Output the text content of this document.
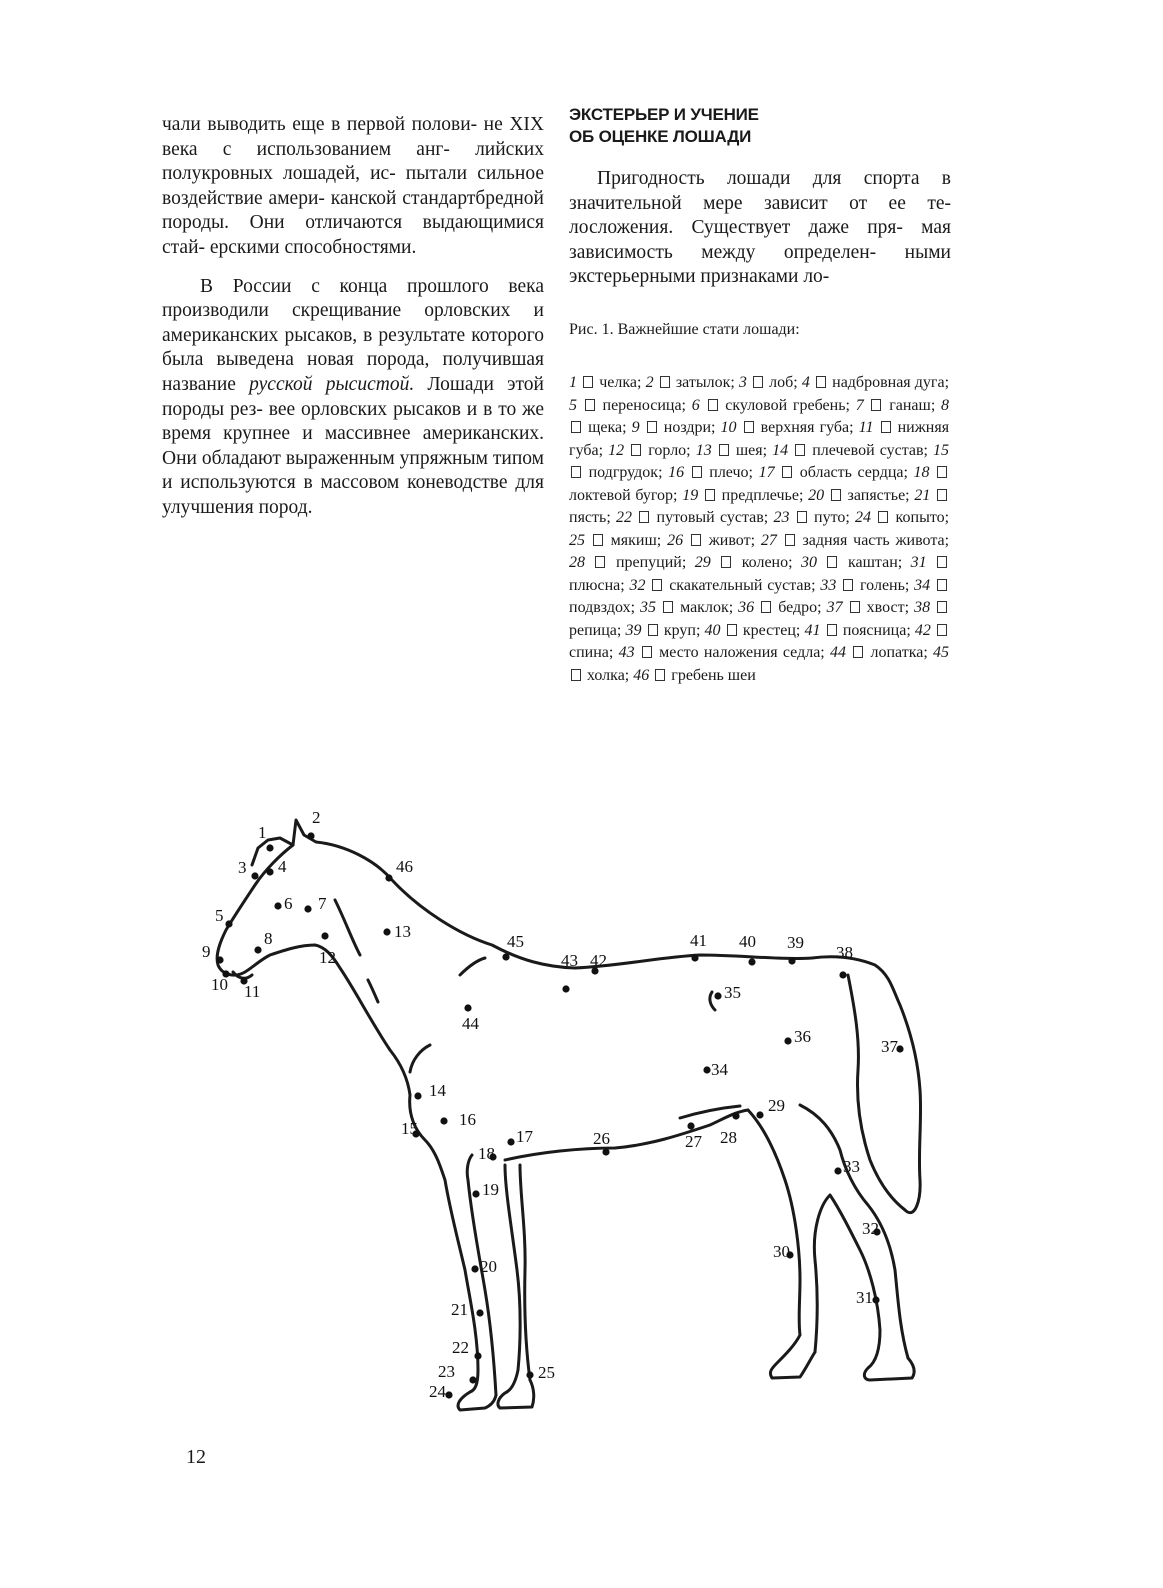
чали выводить еще в первой полови- не XIX века с использованием анг- лийских полукровных лошадей, ис- пытали сильное воздействие амери- канской стандартбредной породы. Они отличаются выдающимися стай- ерскими способностями.

В России с конца прошлого века производили скрещивание орловских и американских рысаков, в результате которого была выведена новая порода, получившая название русской рысистой. Лошади этой породы рез- вее орловских рысаков и в то же время крупнее и массивнее американских. Они обладают выраженным упряжным типом и используются в массовом коневодстве для улучшения пород.

ЭКСТЕРЬЕР И УЧЕНИЕ
ОБ ОЦЕНКЕ ЛОШАДИ

Пригодность лошади для спорта в значительной мере зависит от ее те- лосложения. Существует даже пря- мая зависимость между определен- ными экстерьерными признаками ло-

Рис. 1. Важнейшие стати лошади:
1 челка; 2 затылок; 3 лоб; 4 надбровная дуга; 5 переносица; 6 скуловой гребень; 7 ганаш; 8  щека; 9 ноздри; 10 верхняя губа; 11 нижняя губа; 12 горло; 13 шея; 14 плечевой сустав; 15  подгрудок; 16 плечо; 17 область сердца; 18  локтевой бугор; 19 предплечье; 20 запястье; 21  пясть; 22 путовый сустав; 23 путо; 24 копыто; 25 мякиш; 26 живот; 27 задняя часть живота; 28 препуций; 29 колено; 30 каштан; 31  плюсна; 32 скакательный сустав; 33 голень; 34  подвздох; 35 маклок; 36 бедро; 37 хвост; 38  репица; 39 круп; 40 крестец; 41 поясница; 42  спина; 43 место наложения седла; 44 лопатка; 45  холка; 46 гребень шеи
1
2
3 4
5
6 7
8
9
10 11
12
13
14
15 16
17
18
19
20
21
22
23
24
25
26	27 28
29
30
31
32
33
34
35
36
37
38
39
40
41
42
43
44
45
46
12
